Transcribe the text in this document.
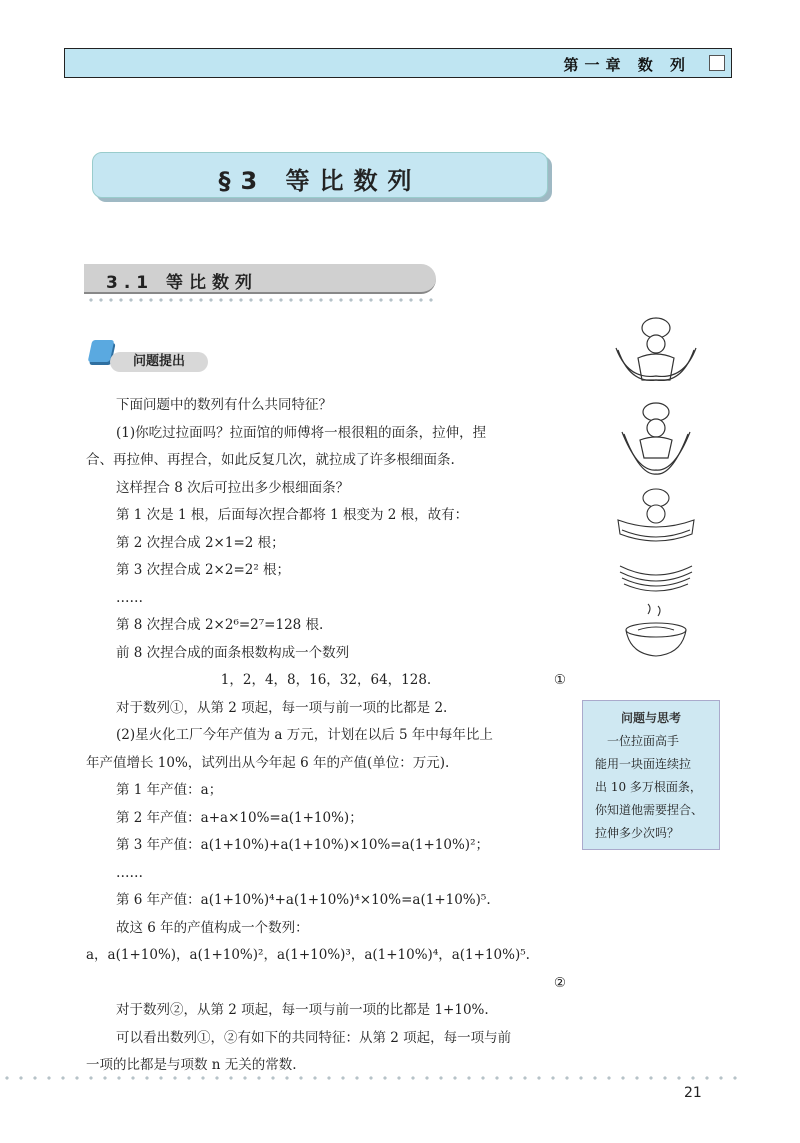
第一章 数 列
§3 等比数列
3.1 等比数列
问题提出

下面问题中的数列有什么共同特征？

(1)你吃过拉面吗？拉面馆的师傅将一根很粗的面条，拉伸，捏

合、再拉伸、再捏合，如此反复几次，就拉成了许多根细面条.

这样捏合 8 次后可拉出多少根细面条？

第 1 次是 1 根，后面每次捏合都将 1 根变为 2 根，故有：

第 2 次捏合成 2×1=2 根；

第 3 次捏合成 2×2=2² 根；

……

第 8 次捏合成 2×2⁶=2⁷=128 根.

前 8 次捏合成的面条根数构成一个数列

1，2，4，8，16，32，64，128.	①

对于数列①，从第 2 项起，每一项与前一项的比都是 2.

(2)星火化工厂今年产值为 a 万元，计划在以后 5 年中每年比上

年产值增长 10%，试列出从今年起 6 年的产值(单位：万元).

第 1 年产值：a；

第 2 年产值：a+a×10%=a(1+10%)；

第 3 年产值：a(1+10%)+a(1+10%)×10%=a(1+10%)²；

……

第 6 年产值：a(1+10%)⁴+a(1+10%)⁴×10%=a(1+10%)⁵.

故这 6 年的产值构成一个数列：

a，a(1+10%)，a(1+10%)²，a(1+10%)³，a(1+10%)⁴，a(1+10%)⁵.

②

对于数列②，从第 2 项起，每一项与前一项的比都是 1+10%.

可以看出数列①，②有如下的共同特征：从第 2 项起，每一项与前

一项的比都是与项数 n 无关的常数.

问题与思考
一位拉面高手
能用一块面连续拉
出 10 多万根面条，
你知道他需要捏合、
拉伸多少次吗？
21
